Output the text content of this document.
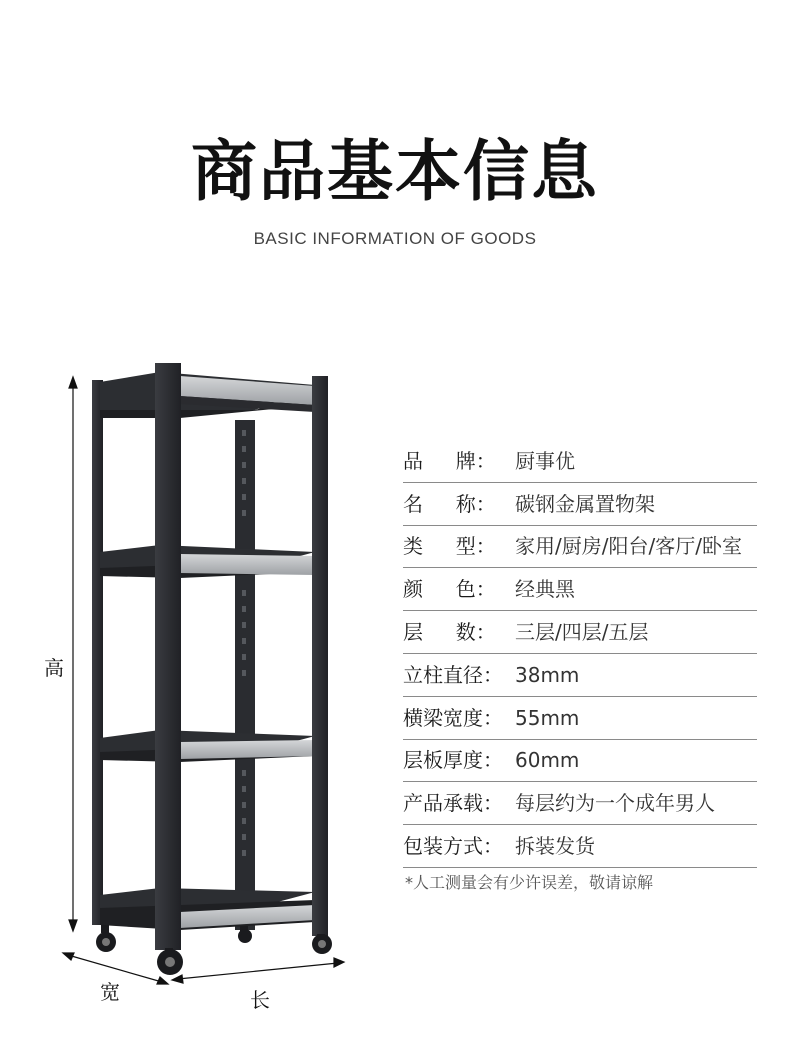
商品基本信息
BASIC INFORMATION OF GOODS
高
宽	长
品　  牌： 厨事优
名　  称： 碳钢金属置物架
类　  型： 家用/厨房/阳台/客厅/卧室
颜　  色： 经典黑
层　  数： 三层/四层/五层
立柱直径： 38mm
横梁宽度： 55mm
层板厚度： 60mm
产品承载： 每层约为一个成年男人
包装方式： 拆装发货
*人工测量会有少许误差，敬请谅解
